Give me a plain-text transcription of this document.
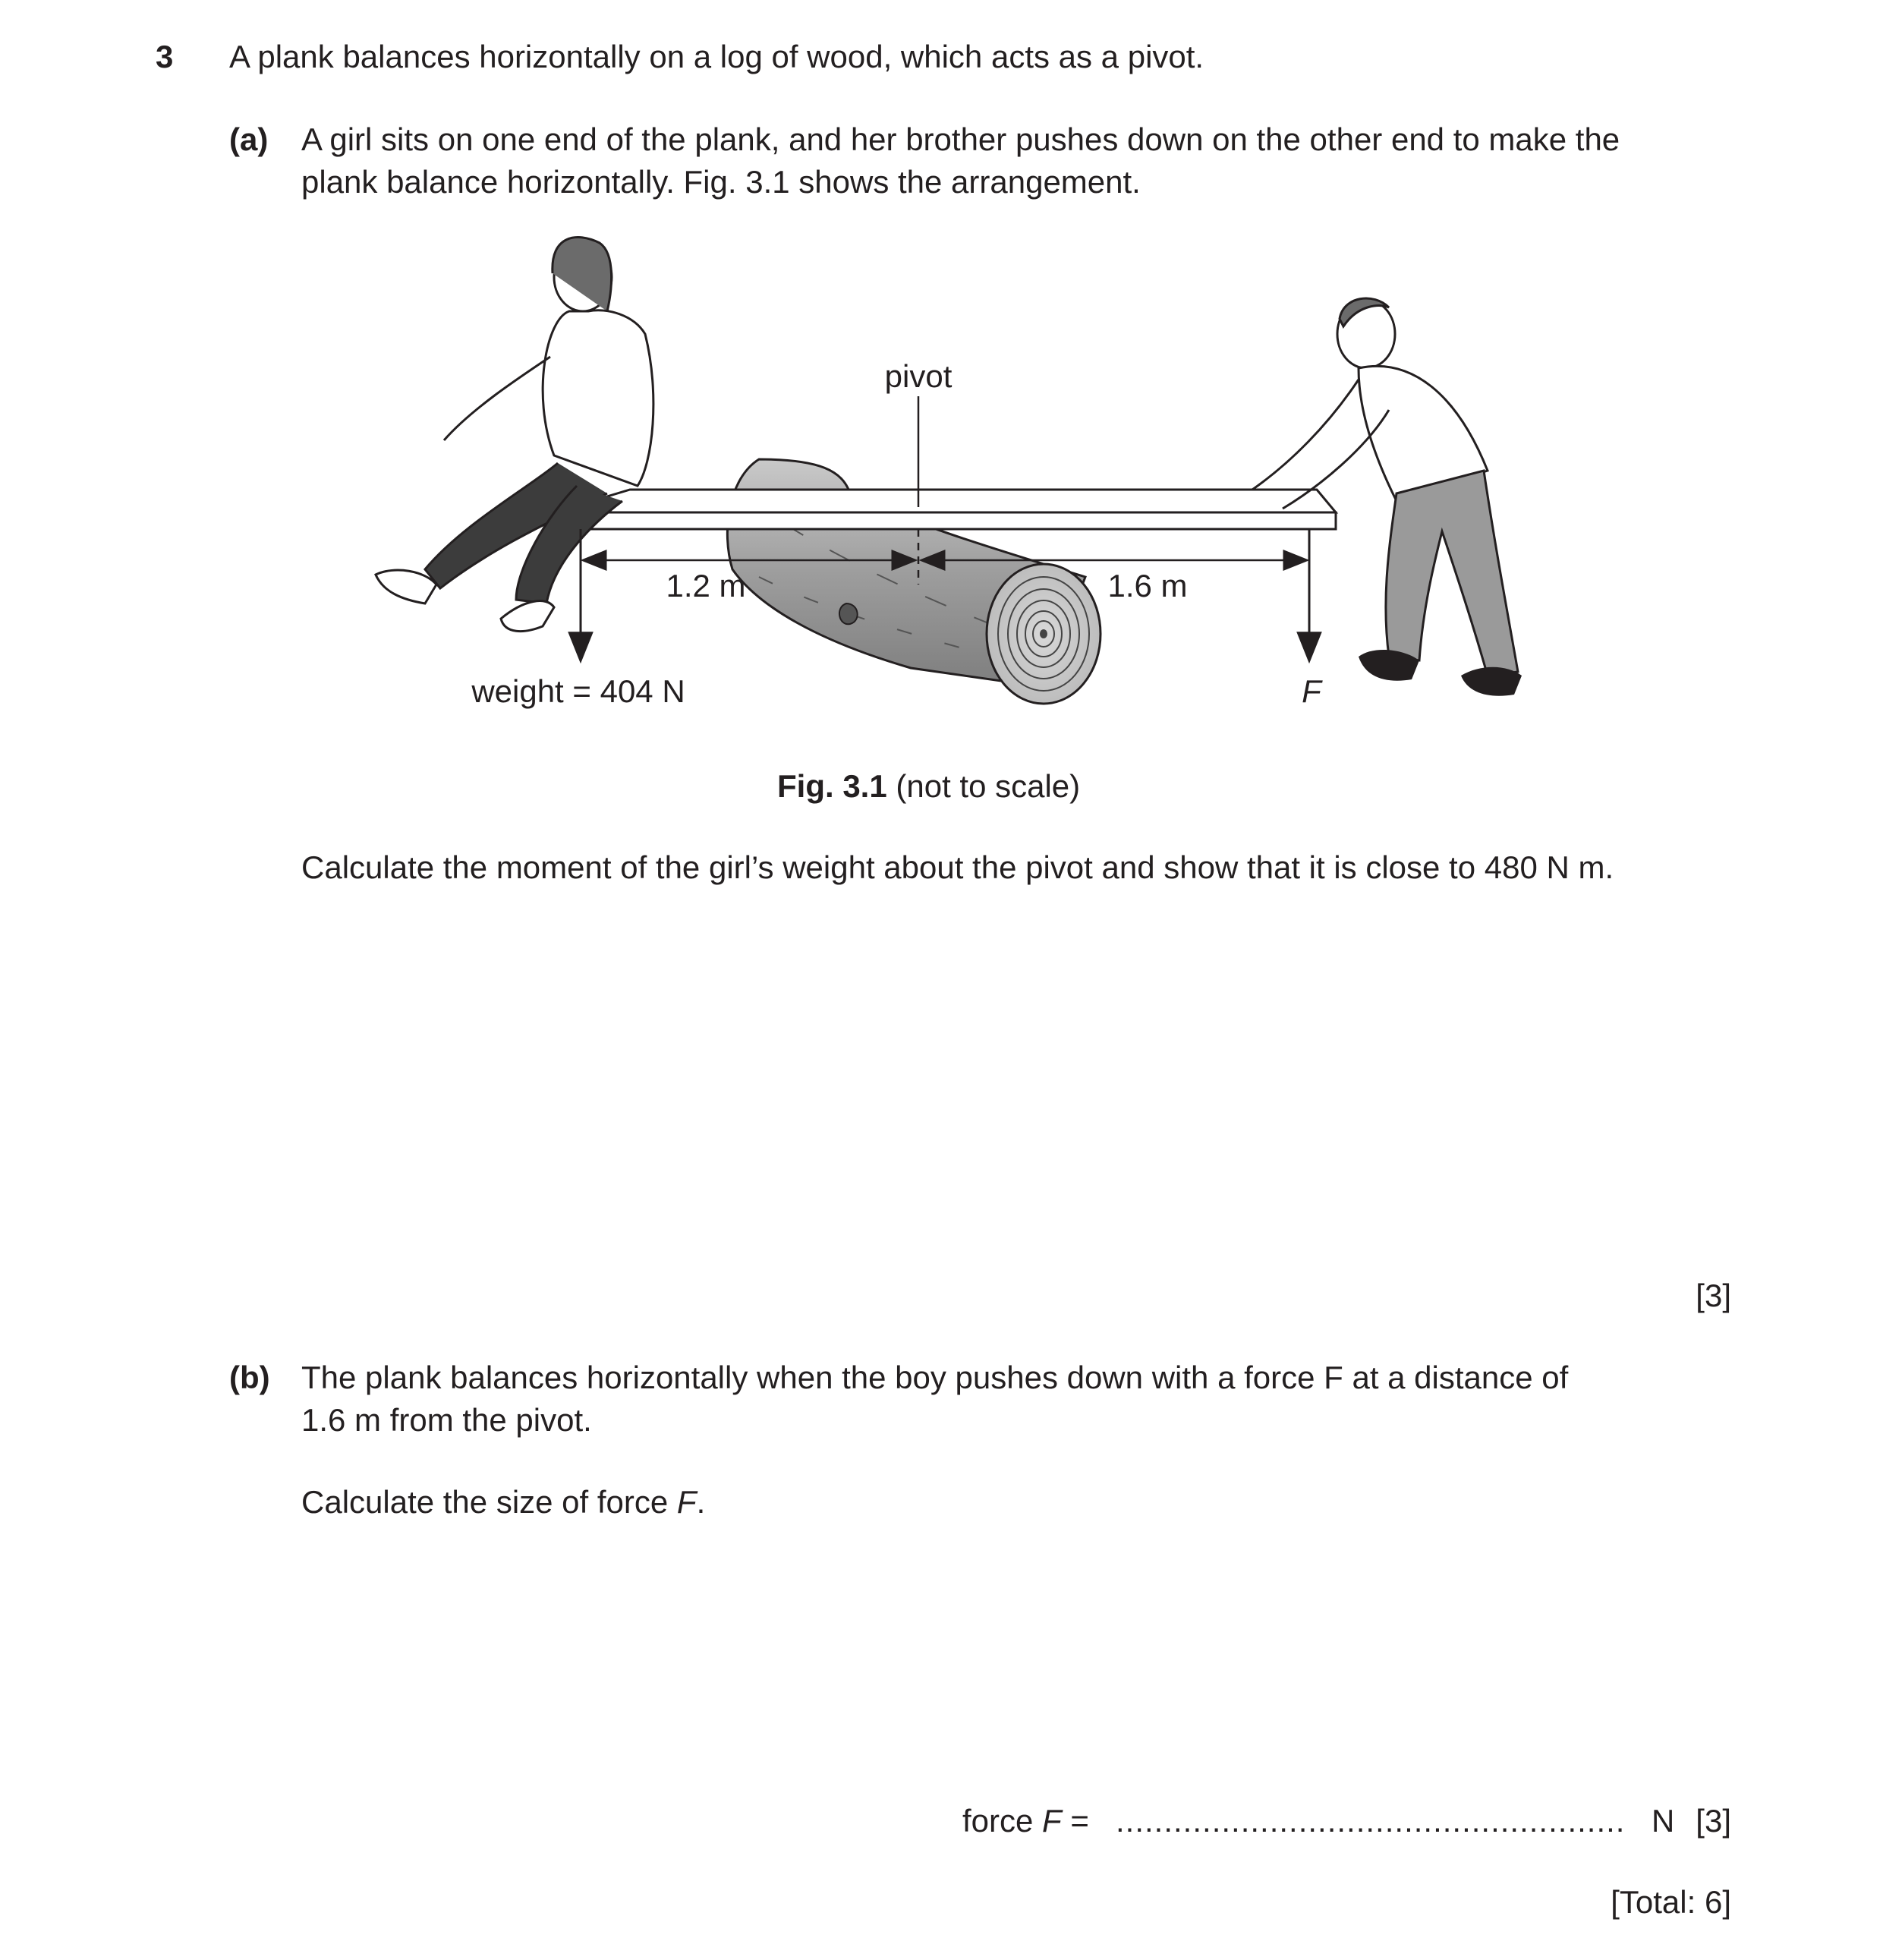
3 A plank balances horizontally on a log of wood, which acts as a pivot.

(a) A girl sits on one end of the plank, and her brother pushes down on the other end to make the

plank balance horizontally. Fig. 3.1 shows the arrangement.

pivot
1.2 m	1.6 m
weight = 404 N	F

Fig. 3.1 (not to scale)

Calculate the moment of the girl’s weight about the pivot and show that it is close to 480 N m.

[3]

(b) The plank balances horizontally when the boy pushes down with a force F at a distance of

1.6 m from the pivot.

Calculate the size of force F.

force F = ..................................................... N [3]

[Total: 6]
